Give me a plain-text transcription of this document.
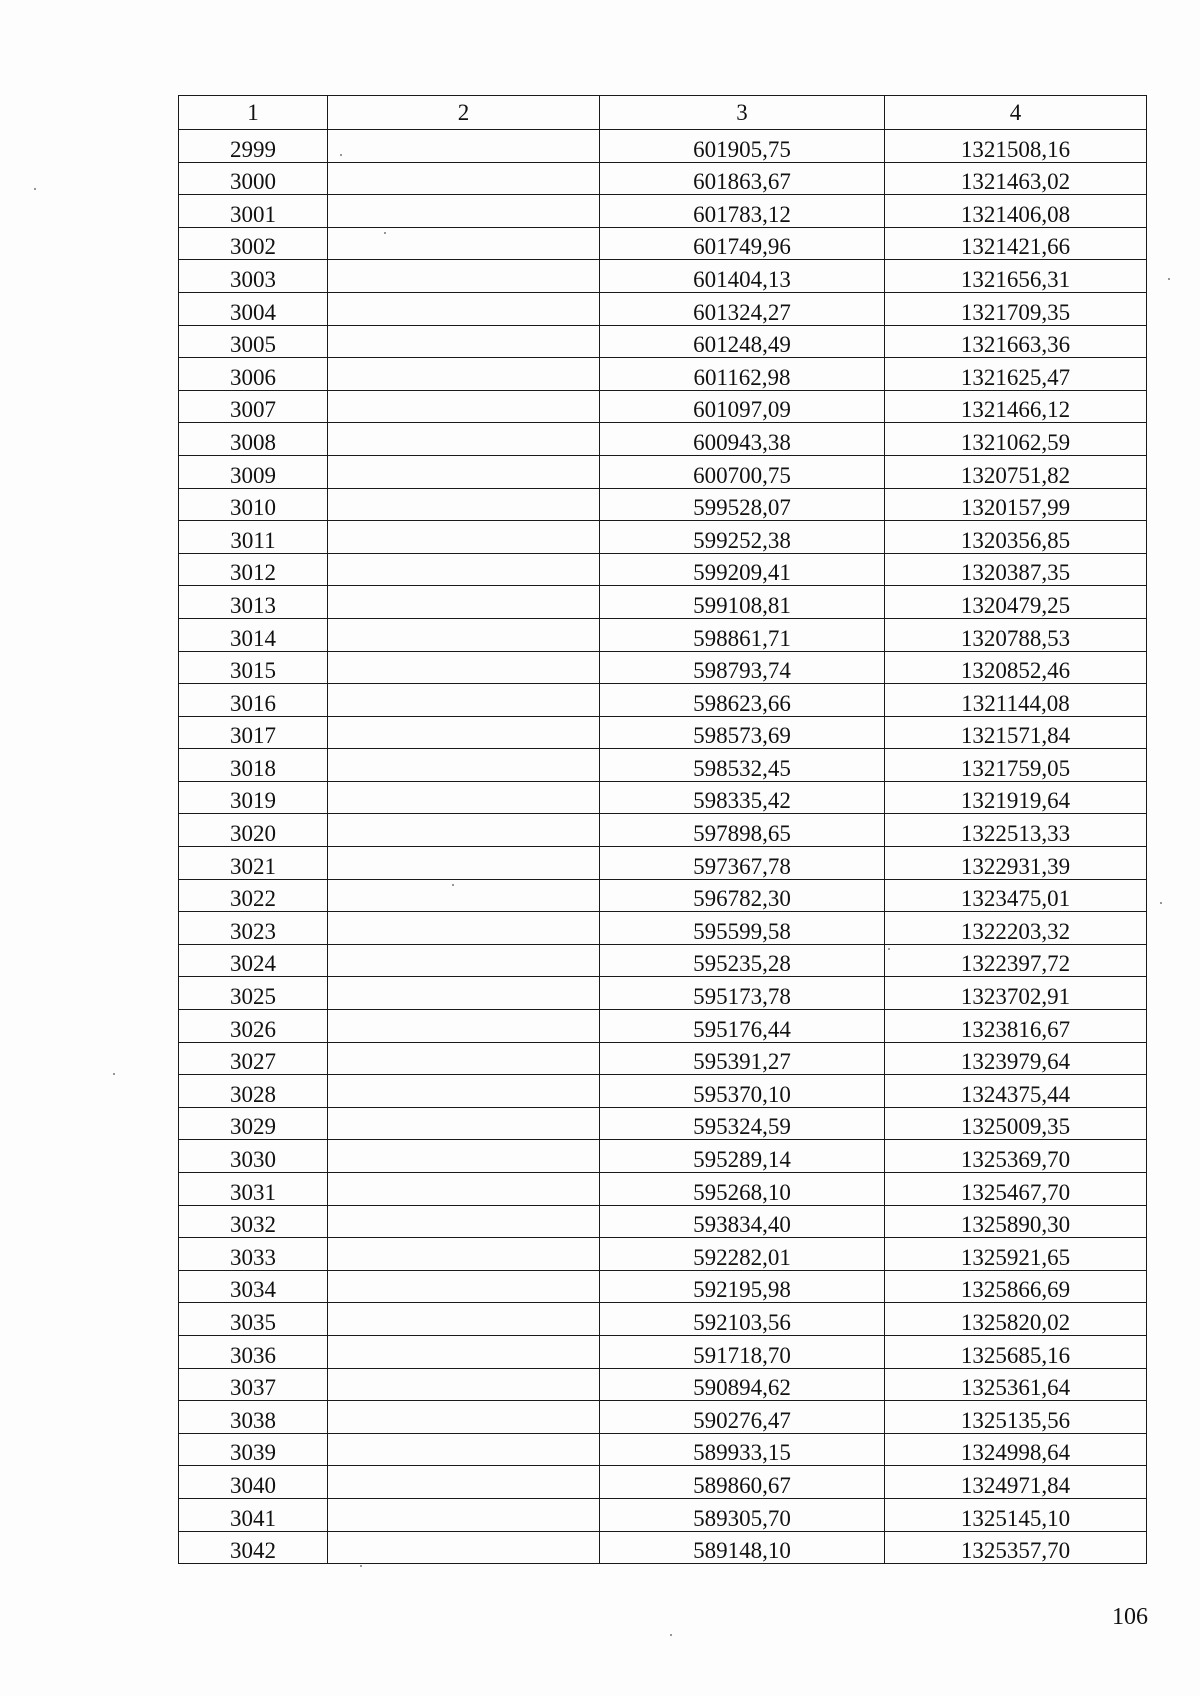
1	2	3	4
2999		601905,75	1321508,16
3000		601863,67	1321463,02
3001		601783,12	1321406,08
3002		601749,96	1321421,66
3003		601404,13	1321656,31
3004		601324,27	1321709,35
3005		601248,49	1321663,36
3006		601162,98	1321625,47
3007		601097,09	1321466,12
3008		600943,38	1321062,59
3009		600700,75	1320751,82
3010		599528,07	1320157,99
3011		599252,38	1320356,85
3012		599209,41	1320387,35
3013		599108,81	1320479,25
3014		598861,71	1320788,53
3015		598793,74	1320852,46
3016		598623,66	1321144,08
3017		598573,69	1321571,84
3018		598532,45	1321759,05
3019		598335,42	1321919,64
3020		597898,65	1322513,33
3021		597367,78	1322931,39
3022		596782,30	1323475,01
3023		595599,58	1322203,32
3024		595235,28	1322397,72
3025		595173,78	1323702,91
3026		595176,44	1323816,67
3027		595391,27	1323979,64
3028		595370,10	1324375,44
3029		595324,59	1325009,35
3030		595289,14	1325369,70
3031		595268,10	1325467,70
3032		593834,40	1325890,30
3033		592282,01	1325921,65
3034		592195,98	1325866,69
3035		592103,56	1325820,02
3036		591718,70	1325685,16
3037		590894,62	1325361,64
3038		590276,47	1325135,56
3039		589933,15	1324998,64
3040		589860,67	1324971,84
3041		589305,70	1325145,10
3042		589148,10	1325357,70
106
